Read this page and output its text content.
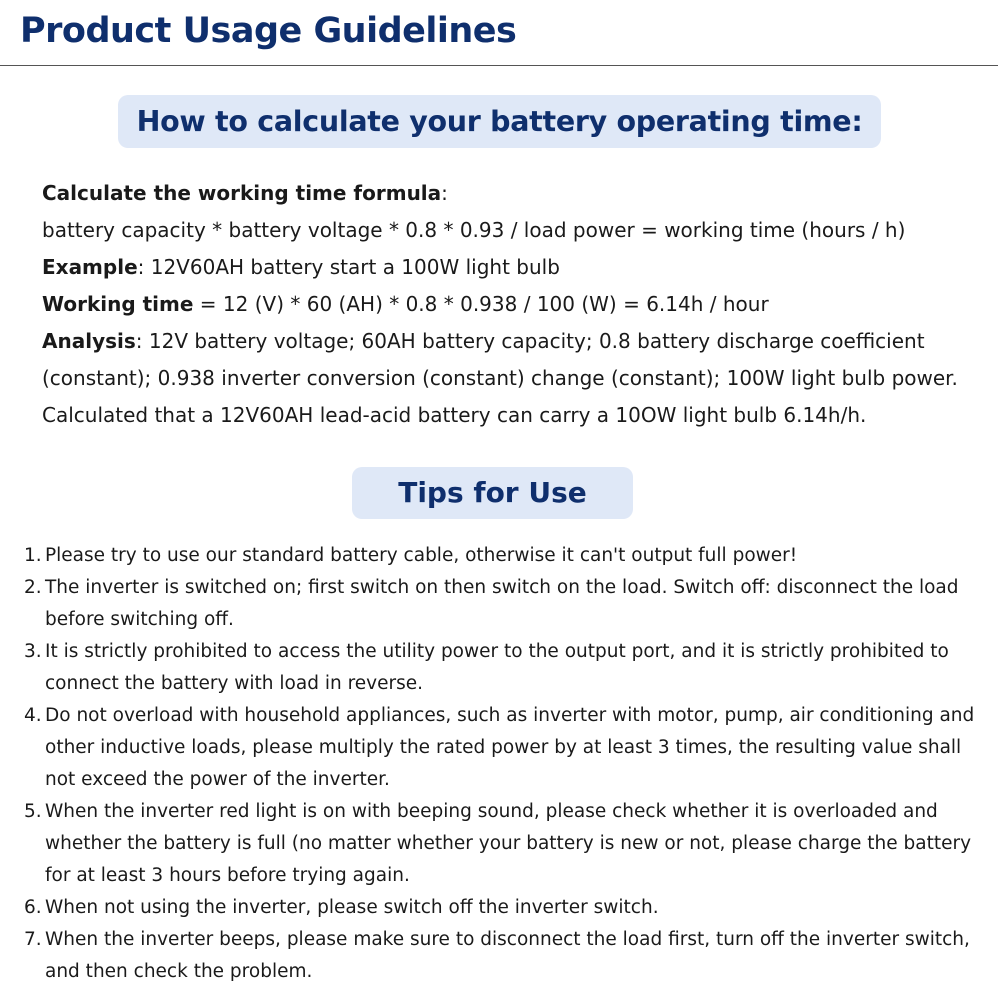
Product Usage Guidelines
How to calculate your battery operating time:
Calculate the working time formula:
battery capacity * battery voltage * 0.8 * 0.93 / load power = working time (hours / h)
Example: 12V60AH battery start a 100W light bulb
Working time = 12 (V) * 60 (AH) * 0.8 * 0.938 / 100 (W) = 6.14h / hour
Analysis: 12V battery voltage; 60AH battery capacity; 0.8 battery discharge coefficient
(constant); 0.938 inverter conversion (constant) change (constant); 100W light bulb power.
Calculated that a 12V60AH lead-acid battery can carry a 10OW light bulb 6.14h/h.
Tips for Use
1. Please try to use our standard battery cable, otherwise it can't output full power!
2. The inverter is switched on; first switch on then switch on the load. Switch off: disconnect the load before switching off.
3. It is strictly prohibited to access the utility power to the output port, and it is strictly prohibited to connect the battery with load in reverse.
4. Do not overload with household appliances, such as inverter with motor, pump, air conditioning and other inductive loads, please multiply the rated power by at least 3 times, the resulting value shall not exceed the power of the inverter.
5. When the inverter red light is on with beeping sound, please check whether it is overloaded and whether the battery is full (no matter whether your battery is new or not, please charge the battery for at least 3 hours before trying again.
6. When not using the inverter, please switch off the inverter switch.
7. When the inverter beeps, please make sure to disconnect the load first, turn off the inverter switch, and then check the problem.
